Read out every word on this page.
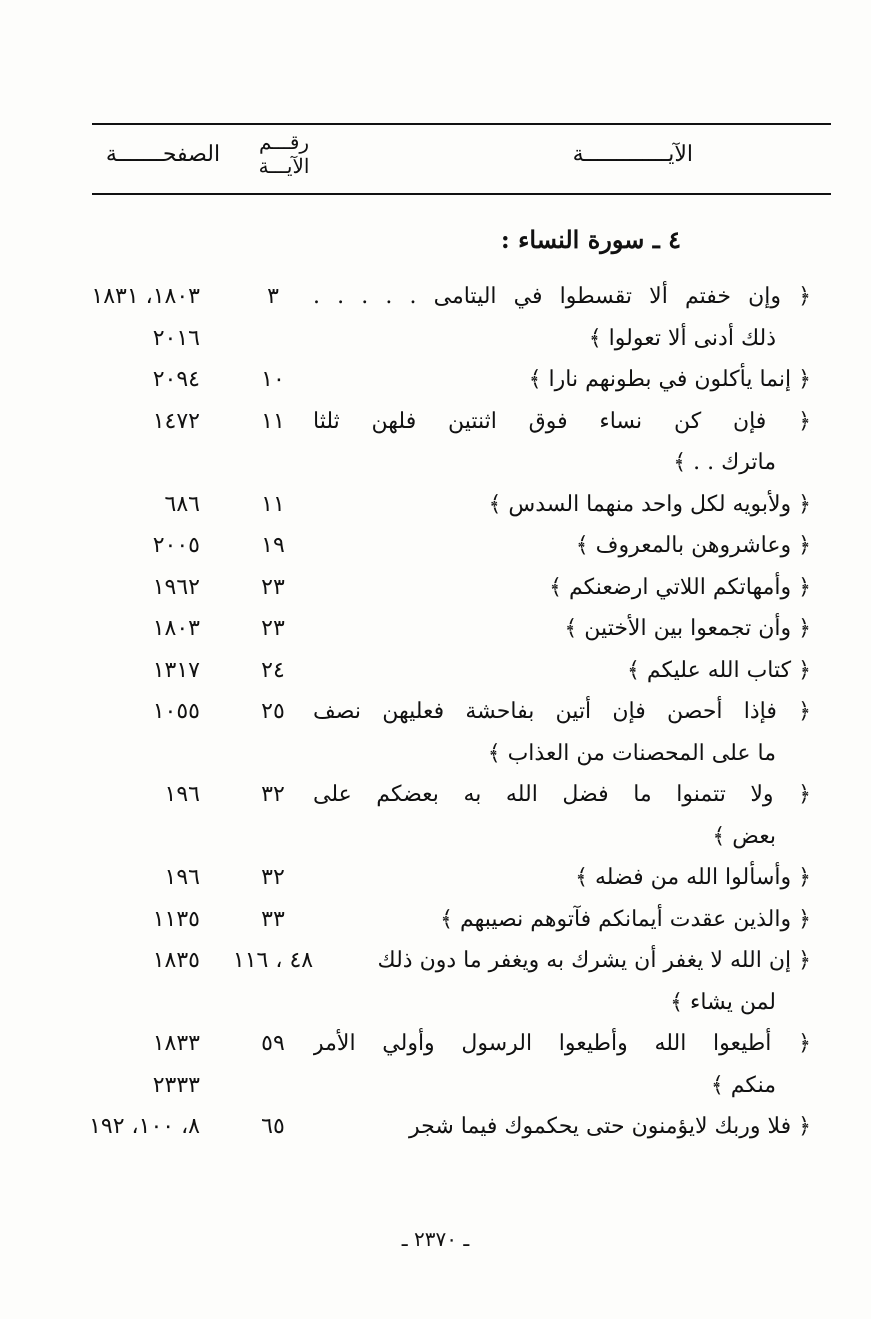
الآيـــــــــــــة
رقـــم
الآيـــة
الصفحـــــــة
٤ ـ سورة النساء :
﴿ وإن خفتم ألا تقسطوا في اليتامى . . . . .
٣
١٨٠٣، ١٨٣١
ذلك أدنى ألا تعولوا ﴾
٢٠١٦
﴿ إنما يأكلون في بطونهم نارا ﴾
١٠
٢٠٩٤
﴿ فإن كن نساء فوق اثنتين فلهن ثلثا
١١
١٤٧٢
ماترك . . ﴾
﴿ ولأبويه لكل واحد منهما السدس ﴾
١١
٦٨٦
﴿ وعاشروهن بالمعروف ﴾
١٩
٢٠٠٥
﴿ وأمهاتكم اللاتي ارضعنكم ﴾
٢٣
١٩٦٢
﴿ وأن تجمعوا بين الأختين ﴾
٢٣
١٨٠٣
﴿ كتاب الله عليكم ﴾
٢٤
١٣١٧
﴿ فإذا أحصن فإن أتين بفاحشة فعليهن نصف
٢٥
١٠٥٥
ما على المحصنات من العذاب ﴾
﴿ ولا تتمنوا ما فضل الله به بعضكم على
٣٢
١٩٦
بعض ﴾
﴿ وأسألوا الله من فضله ﴾
٣٢
١٩٦
﴿ والذين عقدت أيمانكم فآتوهم نصيبهم ﴾
٣٣
١١٣٥
﴿ إن الله لا يغفر أن يشرك به ويغفر ما دون ذلك
٤٨ ، ١١٦
١٨٣٥
لمن يشاء ﴾
﴿ أطيعوا الله وأطيعوا الرسول وأولي الأمر
٥٩
١٨٣٣
منكم ﴾
٢٣٣٣
﴿ فلا وربك لايؤمنون حتى يحكموك فيما شجر
٦٥
٨، ١٠٠، ١٩٢
ـ ٢٣٧٠ ـ
